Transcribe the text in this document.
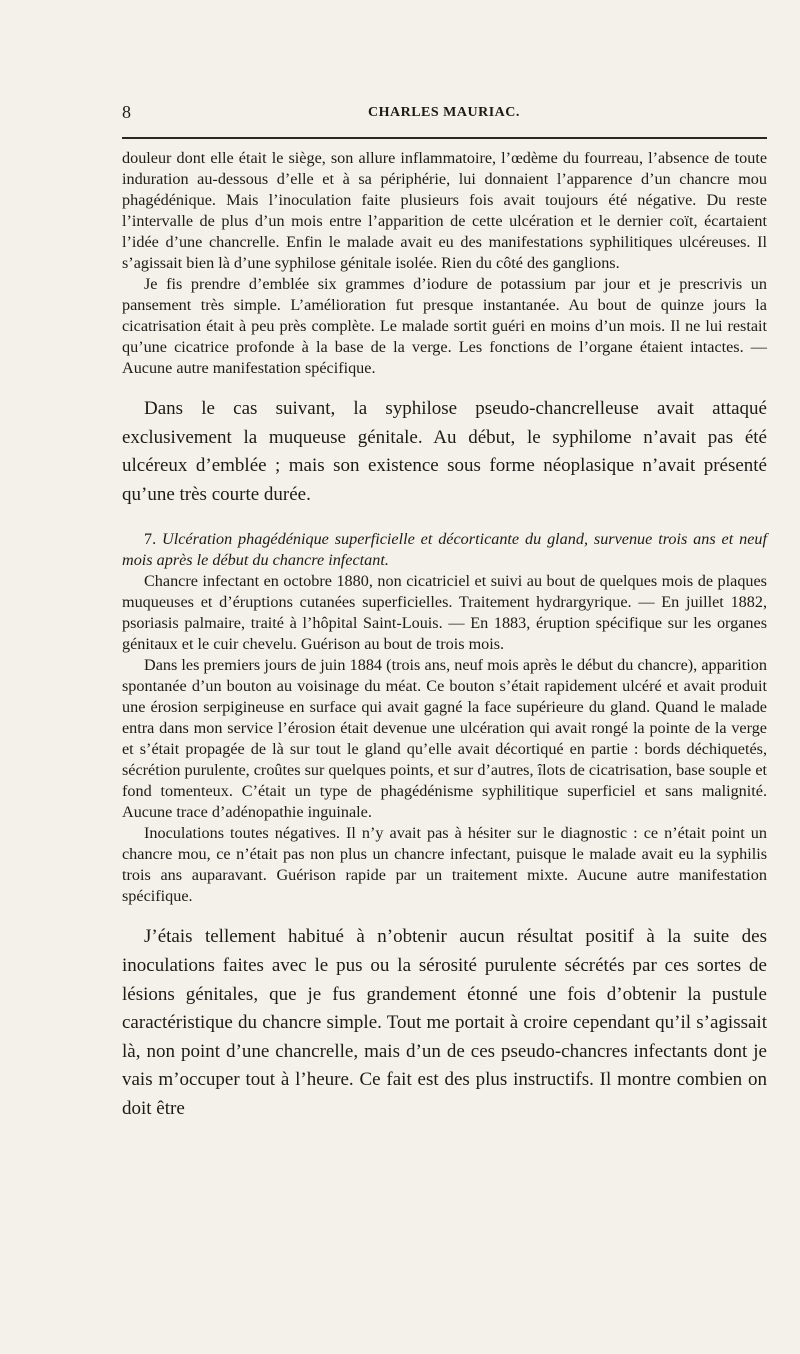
8	CHARLES MAURIAC.

douleur dont elle était le siège, son allure inflammatoire, l’œdème du fourreau, l’absence de toute induration au-dessous d’elle et à sa périphérie, lui donnaient l’apparence d’un chancre mou phagédénique. Mais l’inoculation faite plusieurs fois avait toujours été négative. Du reste l’intervalle de plus d’un mois entre l’apparition de cette ulcération et le dernier coït, écartaient l’idée d’une chancrelle. Enfin le malade avait eu des manifestations syphilitiques ulcéreuses. Il s’agissait bien là d’une syphilose génitale isolée. Rien du côté des ganglions.

Je fis prendre d’emblée six grammes d’iodure de potassium par jour et je prescrivis un pansement très simple. L’amélioration fut presque instantanée. Au bout de quinze jours la cicatrisation était à peu près complète. Le malade sortit guéri en moins d’un mois. Il ne lui restait qu’une cicatrice profonde à la base de la verge. Les fonctions de l’organe étaient intactes. — Aucune autre manifestation spécifique.

Dans le cas suivant, la syphilose pseudo-chancrelleuse avait attaqué exclusivement la muqueuse génitale. Au début, le syphilome n’avait pas été ulcéreux d’emblée ; mais son existence sous forme néoplasique n’avait présenté qu’une très courte durée.

7. Ulcération phagédénique superficielle et décorticante du gland, survenue trois ans et neuf mois après le début du chancre infectant.

Chancre infectant en octobre 1880, non cicatriciel et suivi au bout de quelques mois de plaques muqueuses et d’éruptions cutanées superficielles. Traitement hydrargyrique. — En juillet 1882, psoriasis palmaire, traité à l’hôpital Saint-Louis. — En 1883, éruption spécifique sur les organes génitaux et le cuir chevelu. Guérison au bout de trois mois.

Dans les premiers jours de juin 1884 (trois ans, neuf mois après le début du chancre), apparition spontanée d’un bouton au voisinage du méat. Ce bouton s’était rapidement ulcéré et avait produit une érosion serpigineuse en surface qui avait gagné la face supérieure du gland. Quand le malade entra dans mon service l’érosion était devenue une ulcération qui avait rongé la pointe de la verge et s’était propagée de là sur tout le gland qu’elle avait décortiqué en partie : bords déchiquetés, sécrétion purulente, croûtes sur quelques points, et sur d’autres, îlots de cicatrisation, base souple et fond tomenteux. C’était un type de phagédénisme syphilitique superficiel et sans malignité. Aucune trace d’adénopathie inguinale.

Inoculations toutes négatives. Il n’y avait pas à hésiter sur le diagnostic : ce n’était point un chancre mou, ce n’était pas non plus un chancre infectant, puisque le malade avait eu la syphilis trois ans auparavant. Guérison rapide par un traitement mixte. Aucune autre manifestation spécifique.

J’étais tellement habitué à n’obtenir aucun résultat positif à la suite des inoculations faites avec le pus ou la sérosité purulente sécrétés par ces sortes de lésions génitales, que je fus grandement étonné une fois d’obtenir la pustule caractéristique du chancre simple. Tout me portait à croire cependant qu’il s’agissait là, non point d’une chancrelle, mais d’un de ces pseudo-chancres infectants dont je vais m’occuper tout à l’heure. Ce fait est des plus instructifs. Il montre combien on doit être
